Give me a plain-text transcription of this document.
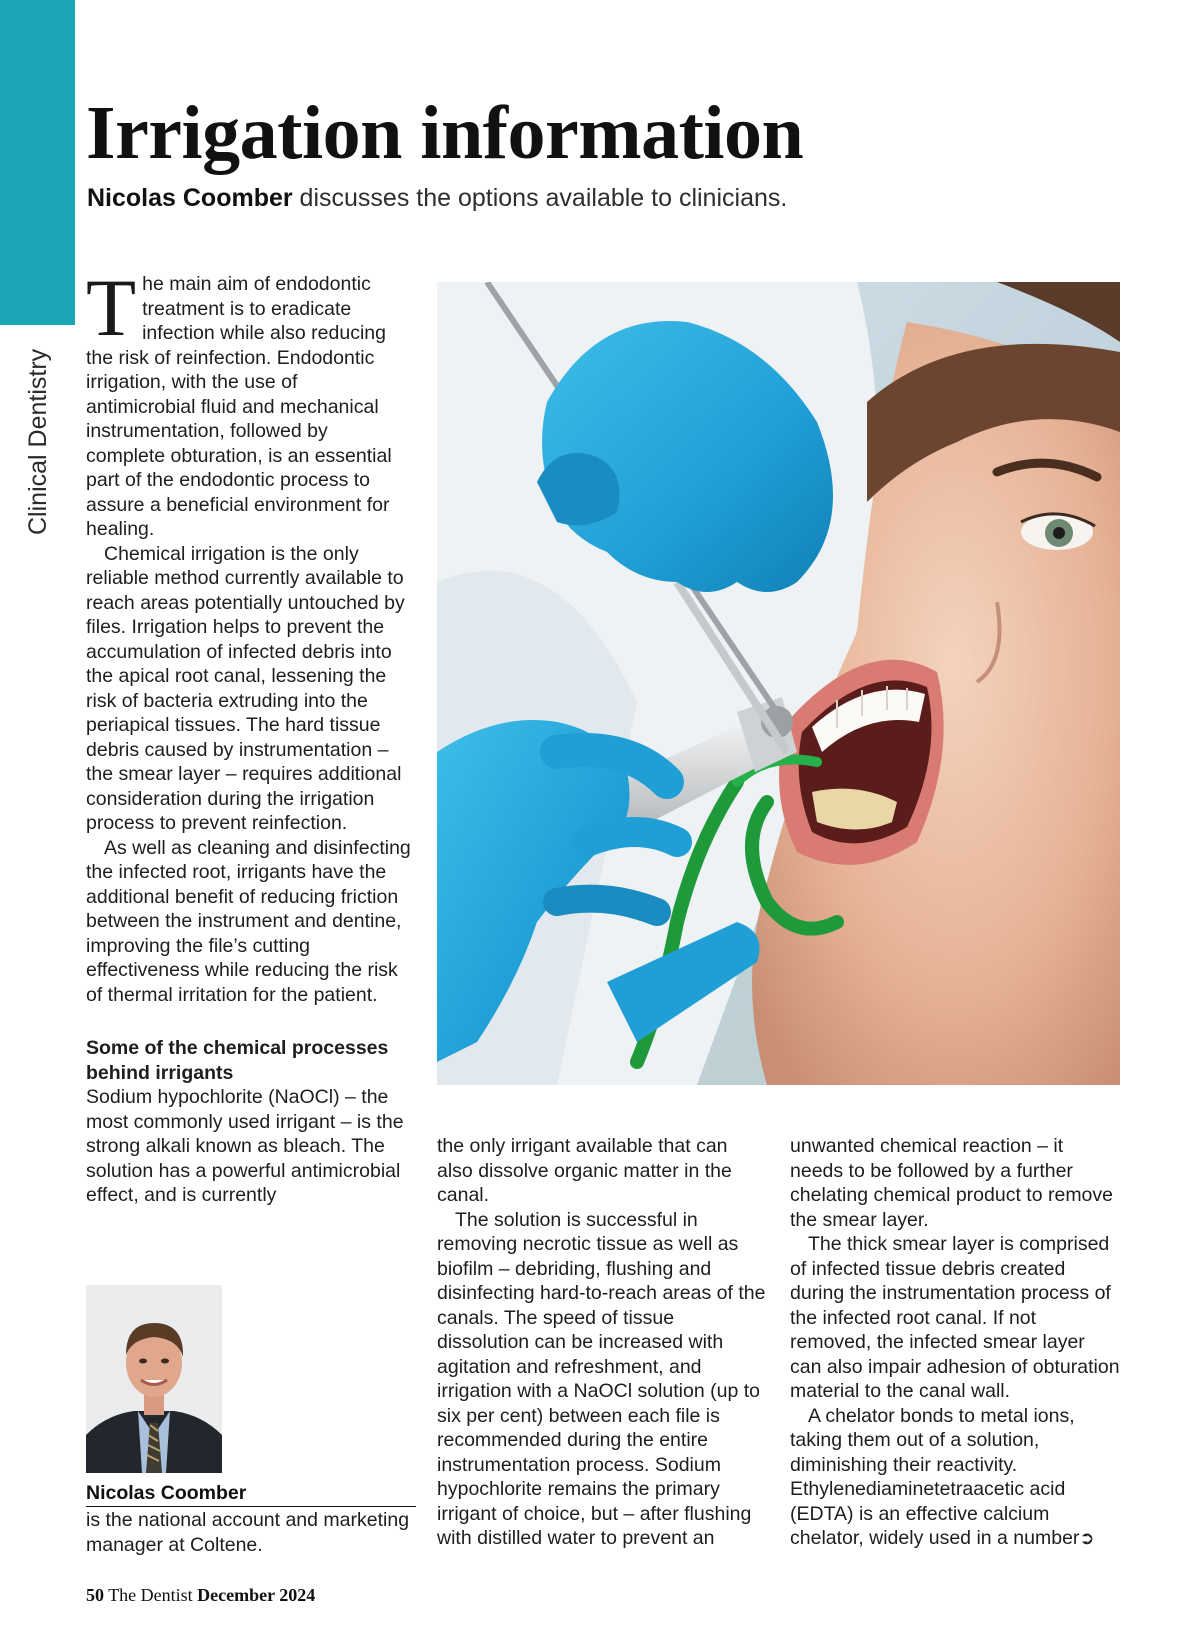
Clinical Dentistry
Irrigation information
Nicolas Coomber discusses the options available to clinicians.

The main aim of endodontic treatment is to eradicate infection while also reducing the risk of reinfection. Endodontic irrigation, with the use of antimicrobial fluid and mechanical instrumentation, followed by complete obturation, is an essential part of the endodontic process to assure a beneficial environment for healing.

Chemical irrigation is the only reliable method currently available to reach areas potentially untouched by files. Irrigation helps to prevent the accumulation of infected debris into the apical root canal, lessening the risk of bacteria extruding into the periapical tissues. The hard tissue debris caused by instrumentation – the smear layer – requires additional consideration during the irrigation process to prevent reinfection.

As well as cleaning and disinfecting the infected root, irrigants have the additional benefit of reducing friction between the instrument and dentine, improving the file’s cutting effectiveness while reducing the risk of thermal irritation for the patient.

Some of the chemical processes behind irrigants

Sodium hypochlorite (NaOCl) – the most commonly used irrigant – is the strong alkali known as bleach. The solution has a powerful antimicrobial effect, and is currently

the only irrigant available that can also dissolve organic matter in the canal.

The solution is successful in removing necrotic tissue as well as biofilm – debriding, flushing and disinfecting hard-to-reach areas of the canals. The speed of tissue dissolution can be increased with agitation and refreshment, and irrigation with a NaOCl solution (up to six per cent) between each file is recommended during the entire instrumentation process. Sodium hypochlorite remains the primary irrigant of choice, but – after flushing with distilled water to prevent an

unwanted chemical reaction – it needs to be followed by a further chelating chemical product to remove the smear layer.

The thick smear layer is comprised of infected tissue debris created during the instrumentation process of the infected root canal. If not removed, the infected smear layer can also impair adhesion of obturation material to the canal wall.

A chelator bonds to metal ions, taking them out of a solution, diminishing their reactivity. Ethylenediaminetetraacetic acid (EDTA) is an effective calcium chelator, widely used in a number➲

Nicolas Coomber
is the national account and marketing manager at Coltene.
50 The Dentist December 2024
